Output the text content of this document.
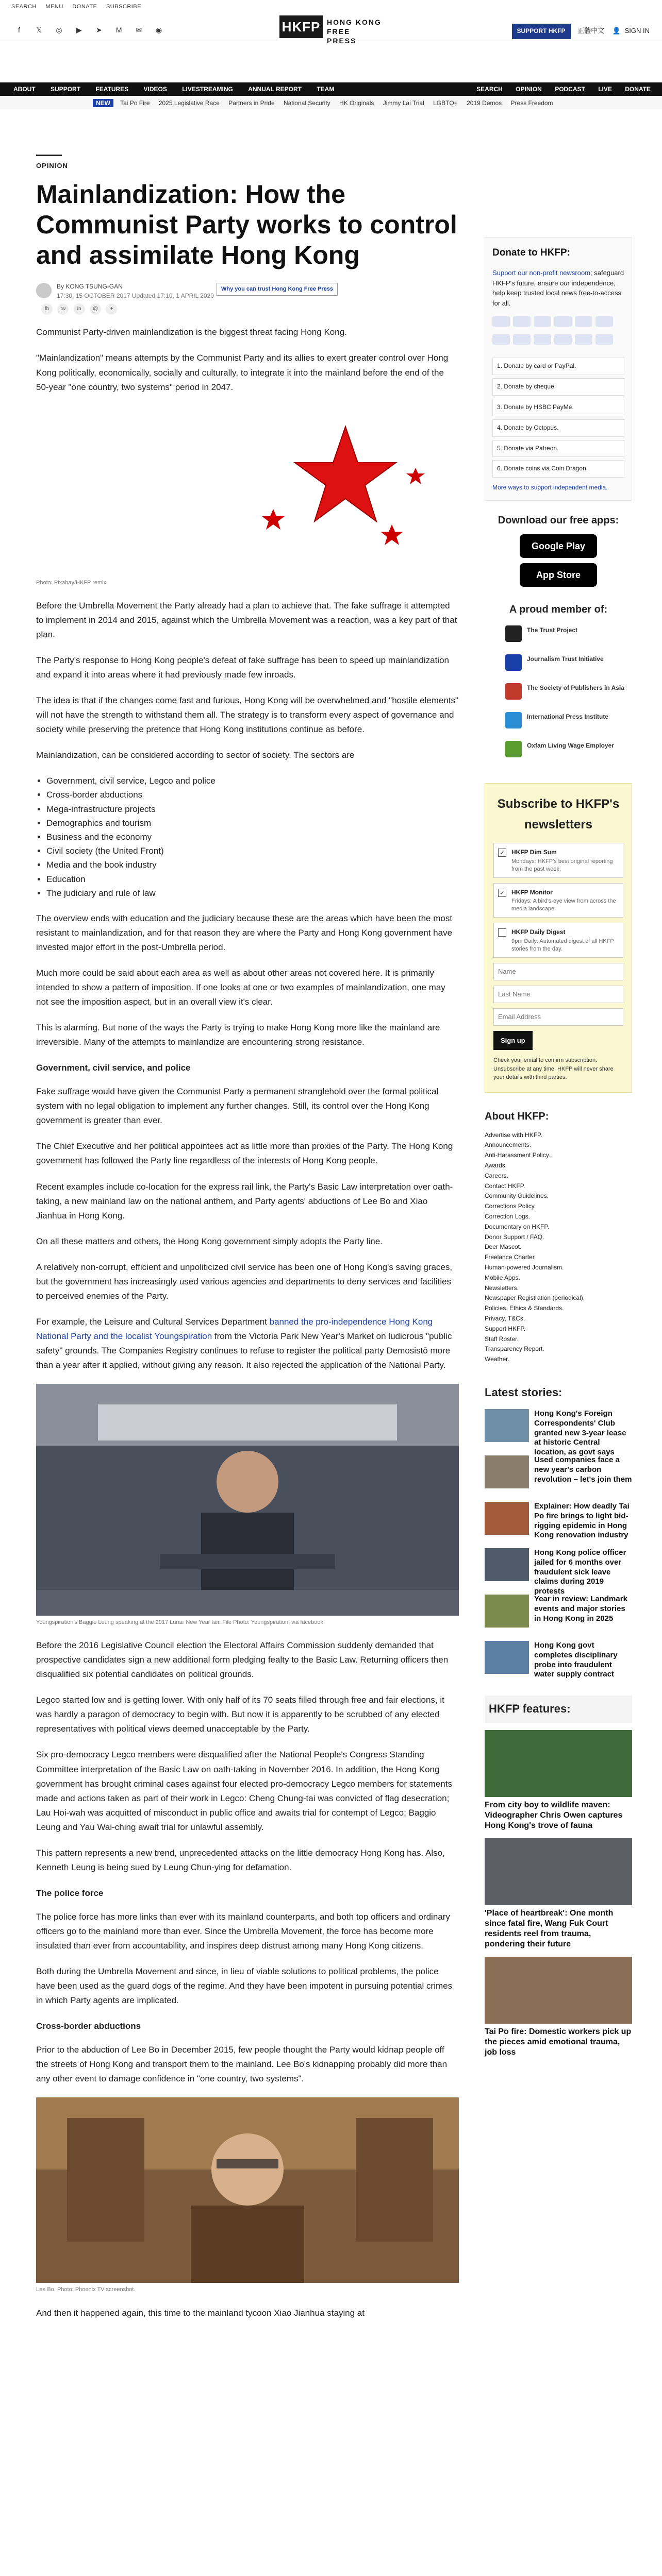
SEARCH MENU DONATE SUBSCRIBE
f 𝕏 ◎ ▶ ➤ M ✉ ◉	HKFP HONG KONG
FREE PRESS
SUPPORT HKFP 正體中文 👤 SIGN IN
ABOUT SUPPORT FEATURES VIDEOS LIVESTREAMING ANNUAL REPORT TEAM	SEARCH OPINION PODCAST LIVE DONATE
NEW Tai Po Fire 2025 Legislative Race Partners in Pride National Security HK Originals Jimmy Lai Trial LGBTQ+ 2019 Demos Press Freedom
OPINION
Mainlandization: How the Communist Party works to control and assimilate Hong Kong
By KONG TSUNG-GAN
17:30, 15 OCTOBER 2017 Updated 17:10, 1 APRIL 2020
Why you can trust Hong Kong Free Press
fb tw in @ +

Communist Party-driven mainlandization is the biggest threat facing Hong Kong.

"Mainlandization" means attempts by the Communist Party and its allies to exert greater control over Hong Kong politically, economically, socially and culturally, to integrate it into the mainland before the end of the 50-year "one country, two systems" period in 2047.

Photo: Pixabay/HKFP remix.

Before the Umbrella Movement the Party already had a plan to achieve that. The fake suffrage it attempted to implement in 2014 and 2015, against which the Umbrella Movement was a reaction, was a key part of that plan.

The Party's response to Hong Kong people's defeat of fake suffrage has been to speed up mainlandization and expand it into areas where it had previously made few inroads.

The idea is that if the changes come fast and furious, Hong Kong will be overwhelmed and "hostile elements" will not have the strength to withstand them all. The strategy is to transform every aspect of governance and society while preserving the pretence that Hong Kong institutions continue as before.

Mainlandization, can be considered according to sector of society. The sectors are

• Government, civil service, Legco and police
• Cross-border abductions
• Mega-infrastructure projects
• Demographics and tourism
• Business and the economy
• Civil society (the United Front)
• Media and the book industry
• Education
• The judiciary and rule of law

The overview ends with education and the judiciary because these are the areas which have been the most resistant to mainlandization, and for that reason they are where the Party and Hong Kong government have invested major effort in the post-Umbrella period.

Much more could be said about each area as well as about other areas not covered here. It is primarily intended to show a pattern of imposition. If one looks at one or two examples of mainlandization, one may not see the imposition aspect, but in an overall view it's clear.

This is alarming. But none of the ways the Party is trying to make Hong Kong more like the mainland are irreversible. Many of the attempts to mainlandize are encountering strong resistance.

Government, civil service, and police

Fake suffrage would have given the Communist Party a permanent stranglehold over the formal political system with no legal obligation to implement any further changes. Still, its control over the Hong Kong government is greater than ever.

The Chief Executive and her political appointees act as little more than proxies of the Party. The Hong Kong government has followed the Party line regardless of the interests of Hong Kong people.

Recent examples include co-location for the express rail link, the Party's Basic Law interpretation over oath-taking, a new mainland law on the national anthem, and Party agents' abductions of Lee Bo and Xiao Jianhua in Hong Kong.

On all these matters and others, the Hong Kong government simply adopts the Party line.

A relatively non-corrupt, efficient and unpoliticized civil service has been one of Hong Kong's saving graces, but the government has increasingly used various agencies and departments to deny services and facilities to perceived enemies of the Party.

For example, the Leisure and Cultural Services Department banned the pro-independence Hong Kong National Party and the localist Youngspiration from the Victoria Park New Year's Market on ludicrous "public safety" grounds. The Companies Registry continues to refuse to register the political party Demosistō more than a year after it applied, without giving any reason. It also rejected the application of the National Party.

Youngspiration's Baggio Leung speaking at the 2017 Lunar New Year fair. File Photo: Youngspiration, via facebook.

Before the 2016 Legislative Council election the Electoral Affairs Commission suddenly demanded that prospective candidates sign a new additional form pledging fealty to the Basic Law. Returning officers then disqualified six potential candidates on political grounds.

Legco started low and is getting lower. With only half of its 70 seats filled through free and fair elections, it was hardly a paragon of democracy to begin with. But now it is apparently to be scrubbed of any elected representatives with political views deemed unacceptable by the Party.

Six pro-democracy Legco members were disqualified after the National People's Congress Standing Committee interpretation of the Basic Law on oath-taking in November 2016. In addition, the Hong Kong government has brought criminal cases against four elected pro-democracy Legco members for statements made and actions taken as part of their work in Legco: Cheng Chung-tai was convicted of flag desecration; Lau Hoi-wah was acquitted of misconduct in public office and awaits trial for contempt of Legco; Baggio Leung and Yau Wai-ching await trial for unlawful assembly.

This pattern represents a new trend, unprecedented attacks on the little democracy Hong Kong has. Also, Kenneth Leung is being sued by Leung Chun-ying for defamation.

The police force

The police force has more links than ever with its mainland counterparts, and both top officers and ordinary officers go to the mainland more than ever. Since the Umbrella Movement, the force has become more insulated than ever from accountability, and inspires deep distrust among many Hong Kong citizens.

Both during the Umbrella Movement and since, in lieu of viable solutions to political problems, the police have been used as the guard dogs of the regime. And they have been impotent in pursuing potential crimes in which Party agents are implicated.

Cross-border abductions

Prior to the abduction of Lee Bo in December 2015, few people thought the Party would kidnap people off the streets of Hong Kong and transport them to the mainland. Lee Bo's kidnapping probably did more than any other event to damage confidence in "one country, two systems".

Lee Bo. Photo: Phoenix TV screenshot.

And then it happened again, this time to the mainland tycoon Xiao Jianhua staying at

Donate to HKFP:
Support our non-profit newsroom; safeguard HKFP's future, ensure our independence, help keep trusted local news free-to-access for all.
1. Donate by card or PayPal.
2. Donate by cheque.
3. Donate by HSBC PayMe.
4. Donate by Octopus.
5. Donate via Patreon.
6. Donate coins via Coin Dragon.
More ways to support independent media.
Download our free apps:
Google Play
App Store
A proud member of:
The Trust Project
Journalism Trust Initiative
The Society of Publishers in Asia
International Press Institute
Oxfam Living Wage Employer
Subscribe to HKFP's newsletters
✓ HKFP Dim Sum
Mondays: HKFP's best original reporting from the past week.
✓ HKFP Monitor
Fridays: A bird's-eye view from across the media landscape.
HKFP Daily Digest
9pm Daily: Automated digest of all HKFP stories from the day.
Name
Last Name
Email Address Sign up
Check your email to confirm subscription. Unsubscribe at any time. HKFP will never share your details with third parties.
About HKFP:
Advertise with HKFP.
Announcements.
Anti-Harassment Policy.
Awards.
Careers.
Contact HKFP.
Community Guidelines.
Corrections Policy.
Correction Logs.
Documentary on HKFP.
Donor Support / FAQ.
Deer Mascot.
Freelance Charter.
Human-powered Journalism.
Mobile Apps.
Newsletters.
Newspaper Registration (periodical).
Policies, Ethics & Standards.
Privacy, T&Cs.
Support HKFP.
Staff Roster.
Transparency Report.
Weather.
Latest stories:
Hong Kong's Foreign Correspondents' Club granted new 3-year lease at historic Central location, as govt says
Used companies face a new year's carbon revolution – let's join them
Explainer: How deadly Tai Po fire brings to light bid-rigging epidemic in Hong Kong renovation industry
Hong Kong police officer jailed for 6 months over fraudulent sick leave claims during 2019 protests
Year in review: Landmark events and major stories in Hong Kong in 2025
Hong Kong govt completes disciplinary probe into fraudulent water supply contract
HKFP features:
From city boy to wildlife maven: Videographer Chris Owen captures Hong Kong's trove of fauna
'Place of heartbreak': One month since fatal fire, Wang Fuk Court residents reel from trauma, pondering their future
Tai Po fire: Domestic workers pick up the pieces amid emotional trauma, job loss
